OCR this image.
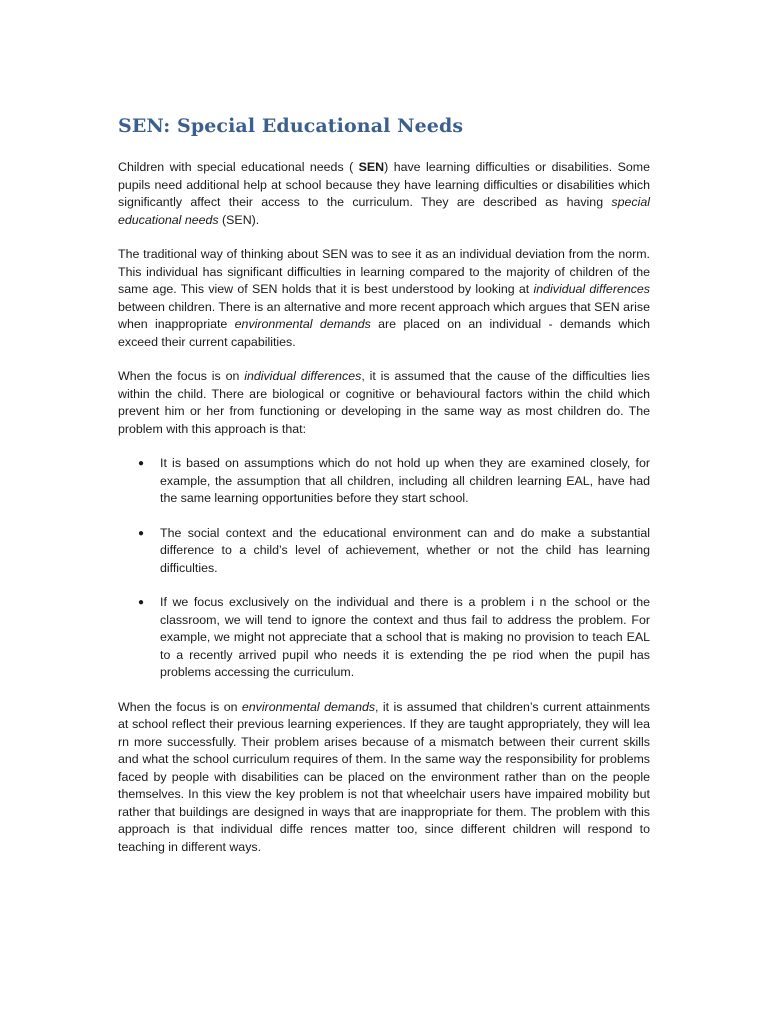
SEN: Special Educational Needs

Children with special educational needs ( SEN) have learning difficulties or disabilities. Some pupils need additional help at school because they have learning difficulties or disabilities which significantly affect their access to the curriculum. They are described as having special educational needs (SEN).

The traditional way of thinking about SEN was to see it as an individual deviation from the norm. This individual has significant difficulties in learning compared to the majority of children of the same age. This view of SEN holds that it is best understood by looking at individual differences between children. There is an alternative and more recent approach which argues that SEN arise when inappropriate environmental demands are placed on an individual - demands which exceed their current capabilities.

When the focus is on individual differences, it is assumed that the cause of the difficulties lies within the child. There are biological or cognitive or behavioural factors within the child which prevent him or her from functioning or developing in the same way as most children do. The problem with this approach is that:

● It is based on assumptions which do not hold up when they are examined closely, for example, the assumption that all children, including all children learning EAL, have had the same learning opportunities before they start school.
● The social context and the educational environment can and do make a substantial difference to a child’s level of achievement, whether or not the child has learning difficulties.
● If we focus exclusively on the individual and there is a problem i n the school or the classroom, we will tend to ignore the context and thus fail to address the problem. For example, we might not appreciate that a school that is making no provision to teach EAL to a recently arrived pupil who needs it is extending the pe riod when the pupil has problems accessing the curriculum.

When the focus is on environmental demands, it is assumed that children’s current attainments at school reflect their previous learning experiences. If they are taught appropriately, they will lea rn more successfully. Their problem arises because of a mismatch between their current skills and what the school curriculum requires of them. In the same way the responsibility for problems faced by people with disabilities can be placed on the environment rather than on the people themselves. In this view the key problem is not that wheelchair users have impaired mobility but rather that buildings are designed in ways that are inappropriate for them. The problem with this approach is that individual diffe rences matter too, since different children will respond to teaching in different ways.
